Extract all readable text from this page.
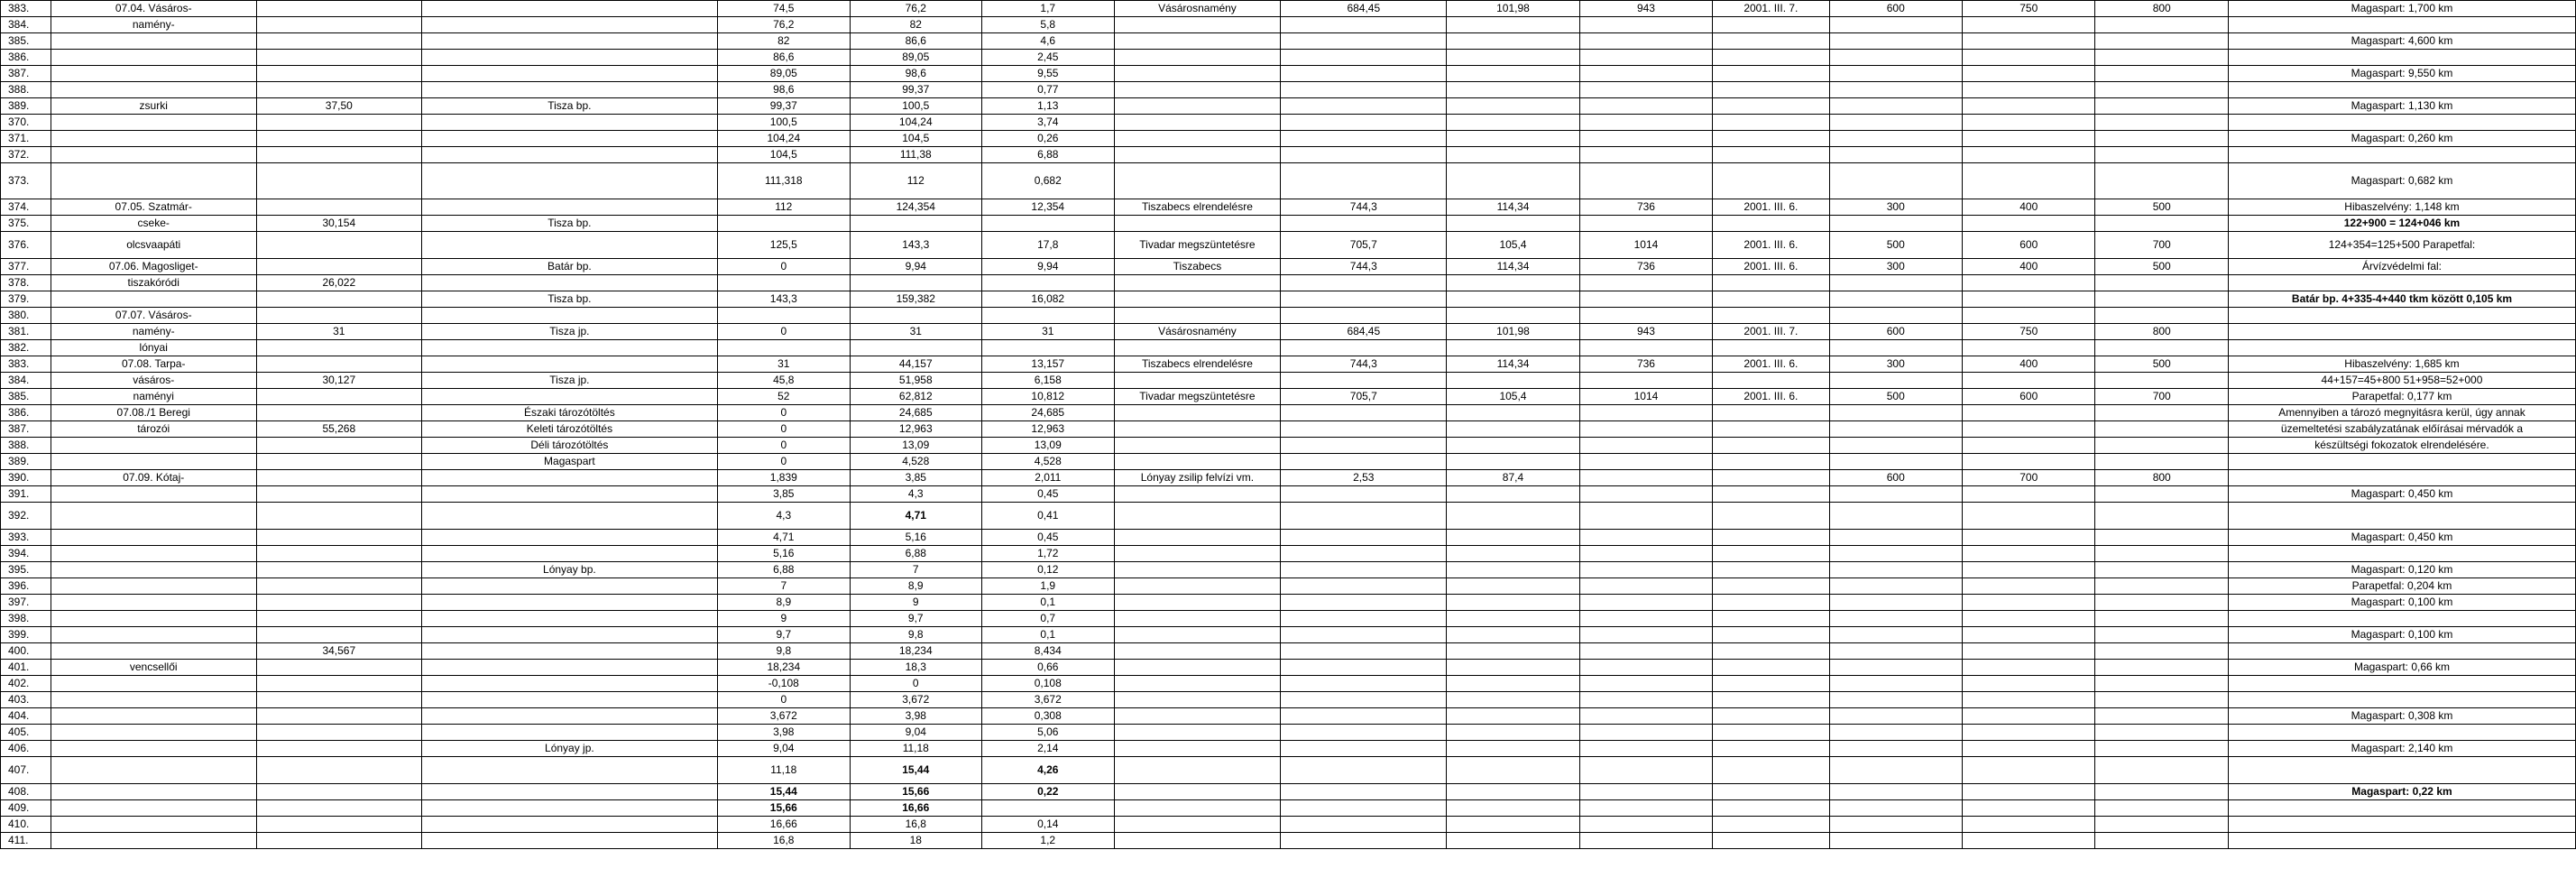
383.	07.04. Vásáros-			74,5	76,2	1,7	Vásárosnamény	684,45	101,98	943	2001. III. 7.	600	750	800	Magaspart: 1,700 km
384.	namény-			76,2	82	5,8									
385.				82	86,6	4,6									Magaspart: 4,600 km
386.				86,6	89,05	2,45									
387.				89,05	98,6	9,55									Magaspart: 9,550 km
388.				98,6	99,37	0,77									
389.	zsurki	37,50	Tisza bp.	99,37	100,5	1,13									Magaspart: 1,130 km
370.				100,5	104,24	3,74									
371.				104,24	104,5	0,26									Magaspart: 0,260 km
372.				104,5	111,38	6,88									
373.				111,318	112	0,682									Magaspart: 0,682 km
374.	07.05. Szatmár-			112	124,354	12,354	Tiszabecs elrendelésre	744,3	114,34	736	2001. III. 6.	300	400	500	Hibaszelvény: 1,148 km
375.	cseke-	30,154	Tisza bp.												122+900 = 124+046 km
376.	olcsvaapáti			125,5	143,3	17,8	Tivadar megszüntetésre	705,7	105,4	1014	2001. III. 6.	500	600	700	124+354=125+500 Parapetfal:
377.	07.06. Magosliget-		Batár bp.	0	9,94	9,94	Tiszabecs	744,3	114,34	736	2001. III. 6.	300	400	500	Árvízvédelmi fal:
378.	tiszakóródi	26,022													
379.			Tisza bp.	143,3	159,382	16,082									Batár bp. 4+335-4+440 tkm között 0,105 km
380.	07.07. Vásáros-														
381.	namény-	31	Tisza jp.	0	31	31	Vásárosnamény	684,45	101,98	943	2001. III. 7.	600	750	800	
382.	lónyai														
383.	07.08. Tarpa-			31	44,157	13,157	Tiszabecs elrendelésre	744,3	114,34	736	2001. III. 6.	300	400	500	Hibaszelvény: 1,685 km
384.	vásáros-	30,127	Tisza jp.	45,8	51,958	6,158									44+157=45+800 51+958=52+000
385.	naményi			52	62,812	10,812	Tivadar megszüntetésre	705,7	105,4	1014	2001. III. 6.	500	600	700	Parapetfal: 0,177 km
386.	07.08./1 Beregi		Északi tározótöltés	0	24,685	24,685									Amennyiben a tározó megnyitásra kerül, úgy annak
387.	tározói	55,268	Keleti tározótöltés	0	12,963	12,963									üzemeltetési szabályzatának előírásai mérvadók a
388.			Déli tározótöltés	0	13,09	13,09									készültségi fokozatok elrendelésére.
389.			Magaspart	0	4,528	4,528									
390.	07.09. Kótaj-			1,839	3,85	2,011	Lónyay zsilip felvízi vm.	2,53	87,4			600	700	800	
391.				3,85	4,3	0,45									Magaspart: 0,450 km
392.				4,3	4,71	0,41									
393.				4,71	5,16	0,45									Magaspart: 0,450 km
394.				5,16	6,88	1,72									
395.			Lónyay bp.	6,88	7	0,12									Magaspart: 0,120 km
396.				7	8,9	1,9									Parapetfal: 0,204 km
397.				8,9	9	0,1									Magaspart: 0,100 km
398.				9	9,7	0,7									
399.				9,7	9,8	0,1									Magaspart: 0,100 km
400.		34,567		9,8	18,234	8,434									
401.	vencsellői			18,234	18,3	0,66									Magaspart: 0,66 km
402.				-0,108	0	0,108									
403.				0	3,672	3,672									
404.				3,672	3,98	0,308									Magaspart: 0,308 km
405.				3,98	9,04	5,06									
406.			Lónyay jp.	9,04	11,18	2,14									Magaspart: 2,140 km
407.				11,18	15,44	4,26									
408.				15,44	15,66	0,22									Magaspart: 0,22 km
409.				15,66	16,66										
410.				16,66	16,8	0,14									
411.				16,8	18	1,2									
